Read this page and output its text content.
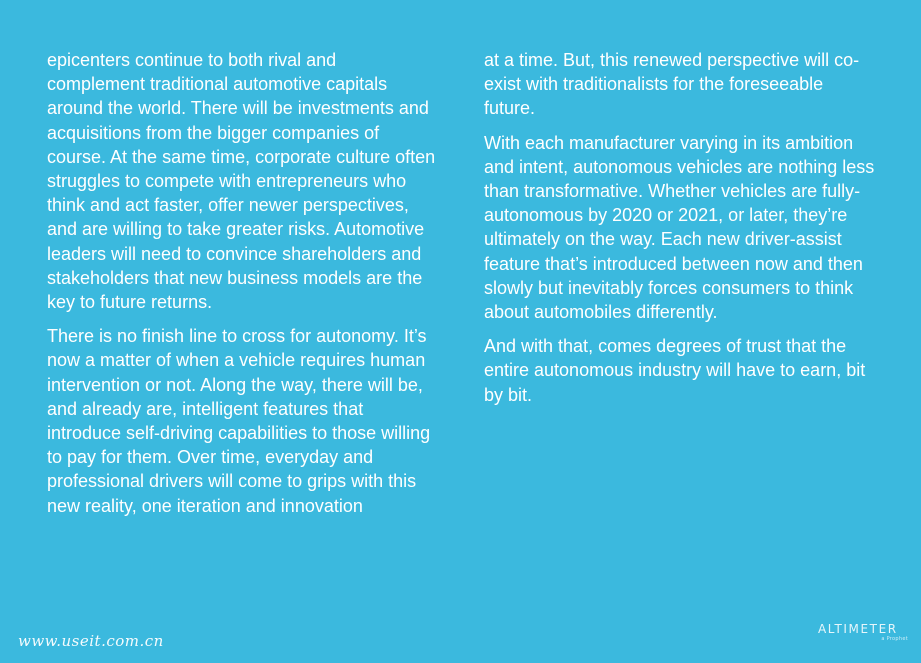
epicenters continue to both rival and complement traditional automotive capitals around the world. There will be investments and acquisitions from the bigger companies of course. At the same time, corporate culture often struggles to compete with entrepreneurs who think and act faster, offer newer perspectives, and are willing to take greater risks. Automotive leaders will need to convince shareholders and stakeholders that new business models are the key to future returns.

There is no finish line to cross for autonomy. It’s now a matter of when a vehicle requires human intervention or not. Along the way, there will be, and already are, intelligent features that introduce self-driving capabilities to those willing to pay for them. Over time, everyday and professional drivers will come to grips with this new reality, one iteration and innovation

at a time. But, this renewed perspective will co-exist with traditionalists for the foreseeable future.

With each manufacturer varying in its ambition and intent, autonomous vehicles are nothing less than transformative. Whether vehicles are fully-autonomous by 2020 or 2021, or later, they’re ultimately on the way. Each new driver-assist feature that’s introduced between now and then slowly but inevitably forces consumers to think about automobiles differently.

And with that, comes degrees of trust that the entire autonomous industry will have to earn, bit by bit.

www.useit.com.cn
ALTIMETER
a Prophet
